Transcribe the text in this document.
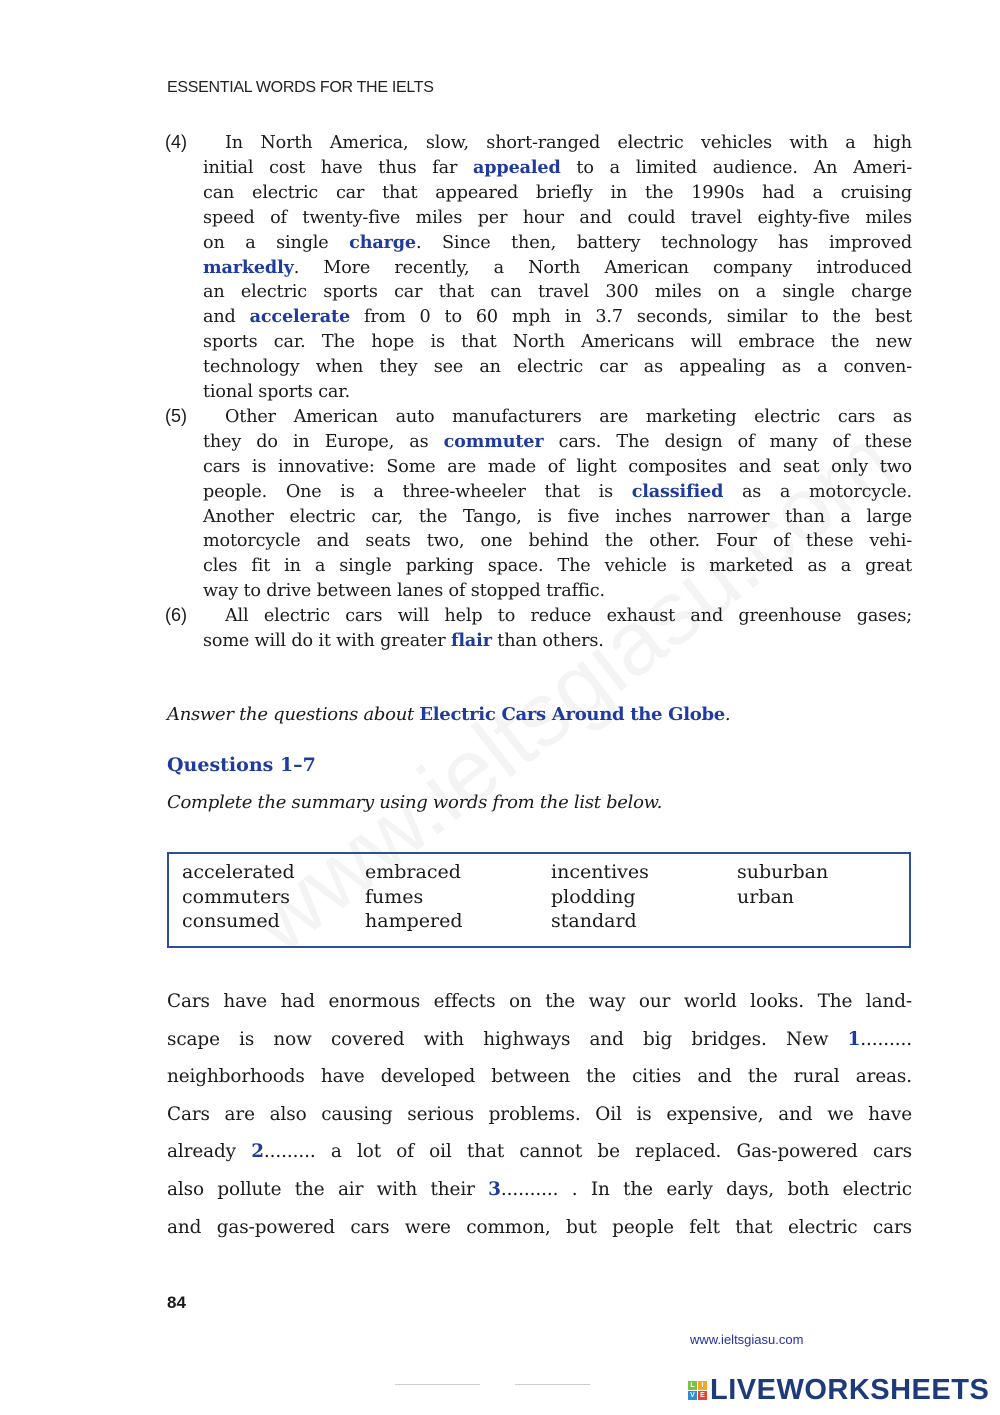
ESSENTIAL WORDS FOR THE IELTS
(4) In North America, slow, short-ranged electric vehicles with a high
initial cost have thus far appealed to a limited audience. An Ameri-
can electric car that appeared briefly in the 1990s had a cruising
speed of twenty-five miles per hour and could travel eighty-five miles
on a single charge. Since then, battery technology has improved
markedly. More recently, a North American company introduced
an electric sports car that can travel 300 miles on a single charge
and accelerate from 0 to 60 mph in 3.7 seconds, similar to the best
sports car. The hope is that North Americans will embrace the new
technology when they see an electric car as appealing as a conven-
tional sports car.
(5) Other American auto manufacturers are marketing electric cars as
they do in Europe, as commuter cars. The design of many of these
cars is innovative: Some are made of light composites and seat only two
people. One is a three-wheeler that is classified as a motorcycle.
Another electric car, the Tango, is five inches narrower than a large
motorcycle and seats two, one behind the other. Four of these vehi-
cles fit in a single parking space. The vehicle is marketed as a great
way to drive between lanes of stopped traffic.
(6) All electric cars will help to reduce exhaust and greenhouse gases;
some will do it with greater flair than others.
Answer the questions about Electric Cars Around the Globe.
Questions 1–7
Complete the summary using words from the list below.
accelerated
commuters
consumed
embraced
fumes
hampered
incentives
plodding
standard
suburban
urban
Cars have had enormous effects on the way our world looks. The land-
scape is now covered with highways and big bridges. New 1.........
neighborhoods have developed between the cities and the rural areas.
Cars are also causing serious problems. Oil is expensive, and we have
already 2......... a lot of oil that cannot be replaced. Gas-powered cars
also pollute the air with their 3.......... . In the early days, both electric
and gas-powered cars were common, but people felt that electric cars
84
www.ieltsgiasu.com
L I
V E LIVEWORKSHEETS
